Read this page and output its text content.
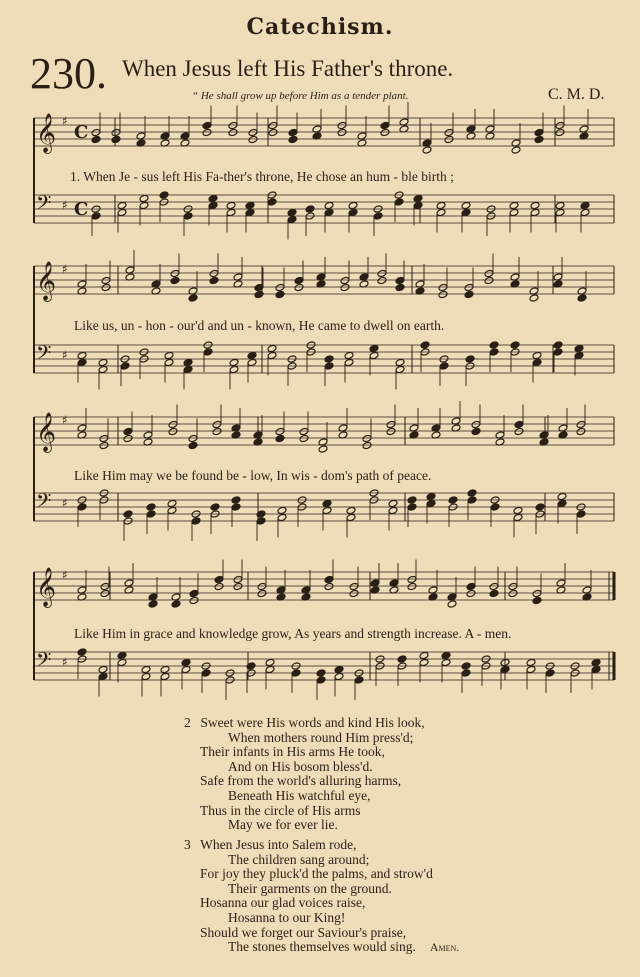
Catechism.
230. When Jesus left His Father's throne.
“ He shall grow up before Him as a tender plant.	C. M. D.
𝄞 ♯
C
𝄢 ♯ C
𝄞 ♯
𝄢 ♯
𝄞 ♯
𝄢 ♯
𝄞 ♯
𝄢 ♯
1. When Je - sus left His Fa-ther's throne, He chose an hum - ble birth ;
Like us, un - hon - our'd and un - known, He came to dwell on earth.
Like Him may we be found be - low, In wis - dom's path of peace.
Like Him in grace and knowledge grow, As years and strength increase. A - men.
2 Sweet were His words and kind His look,
When mothers round Him press'd;
Their infants in His arms He took,
And on His bosom bless'd.
Safe from the world's alluring harms,
Beneath His watchful eye,
Thus in the circle of His arms
May we for ever lie.
3 When Jesus into Salem rode,
The children sang around;
For joy they pluck'd the palms, and strow'd
Their garments on the ground.
Hosanna our glad voices raise,
Hosanna to our King!
Should we forget our Saviour's praise,
The stones themselves would sing. Amen.
